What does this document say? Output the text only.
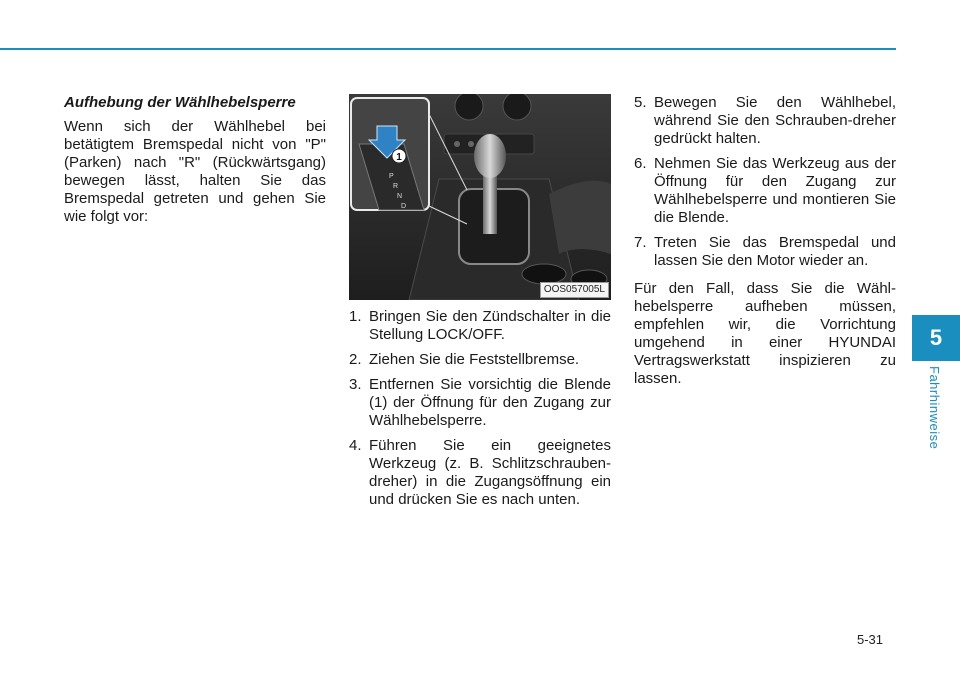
Aufhebung der Wählhebelsperre

Wenn sich der Wählhebel bei betätigtem Bremspedal nicht von "P" (Parken) nach "R" (Rückwärtsgang) bewegen lässt, halten Sie das Bremspedal getreten und gehen Sie wie folgt vor:

1
P
R
N
D
OOS057005L
1. Bringen Sie den Zündschalter in die Stellung LOCK/OFF.
2. Ziehen Sie die Feststellbremse.
3. Entfernen Sie vorsichtig die Blende (1) der Öffnung für den Zugang zur Wählhebelsperre.
4. Führen Sie ein geeignetes Werkzeug (z. B. Schlitzschrauben-dreher) in die Zugangsöffnung ein und drücken Sie es nach unten.
5. Bewegen Sie den Wählhebel, während Sie den Schrauben-dreher gedrückt halten.
6. Nehmen Sie das Werkzeug aus der Öffnung für den Zugang zur Wählhebelsperre und montieren Sie die Blende.
7. Treten Sie das Bremspedal und lassen Sie den Motor wieder an.

Für den Fall, dass Sie die Wähl-hebelsperre aufheben müssen, empfehlen wir, die Vorrichtung umgehend in einer HYUNDAI Vertragswerkstatt inspizieren zu lassen.

5
Fahrhinweise
5-31
